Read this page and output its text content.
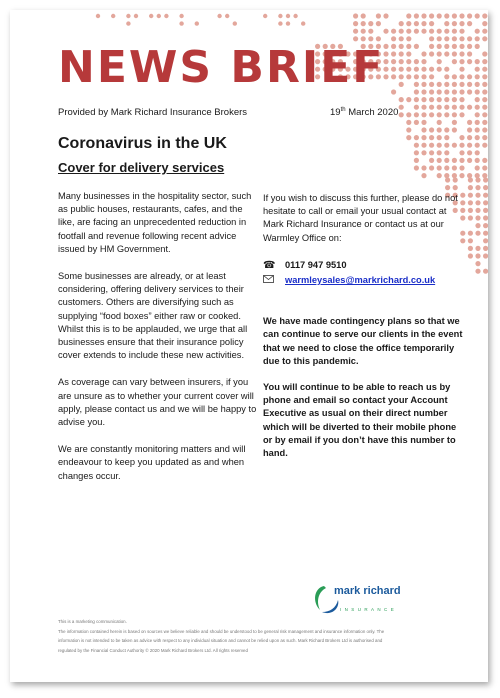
NEWS BRIEF
Provided by Mark Richard Insurance Brokers	19th March 2020
Coronavirus in the UK
Cover for delivery services

Many businesses in the hospitality sector, such as public houses, restaurants, cafes, and the like, are facing an unprecedented reduction in footfall and revenue following recent advice issued by HM Government.

Some businesses are already, or at least considering, offering delivery services to their customers. Others are diversifying such as supplying “food boxes” either raw or cooked. Whilst this is to be applauded, we urge that all businesses ensure that their insurance policy cover extends to include these new activities.

As coverage can vary between insurers, if you are unsure as to whether your current cover will apply, please contact us and we will be happy to advise you.

We are constantly monitoring matters and will endeavour to keep you updated as and when changes occur.

If you wish to discuss this further, please do not hesitate to call or email your usual contact at Mark Richard Insurance or contact us at our Warmley Office on:

☎	0117 947 9510
warmleysales@markrichard.co.uk

We have made contingency plans so that we can continue to serve our clients in the event that we need to close the office temporarily due to this pandemic.

You will continue to be able to reach us by phone and email so contact your Account Executive as usual on their direct number which will be diverted to their mobile phone or by email if you don’t have this number to hand.

mark richard
INSURANCE

This is a marketing communication.

The information contained herein is based on sources we believe reliable and should be understood to be general risk management and insurance information only. The

information is not intended to be taken as advice with respect to any individual situation and cannot be relied upon as such. Mark Richard Brokers Ltd is authorised and

regulated by the Financial Conduct Authority © 2020 Mark Richard Brokers Ltd. All rights reserved
